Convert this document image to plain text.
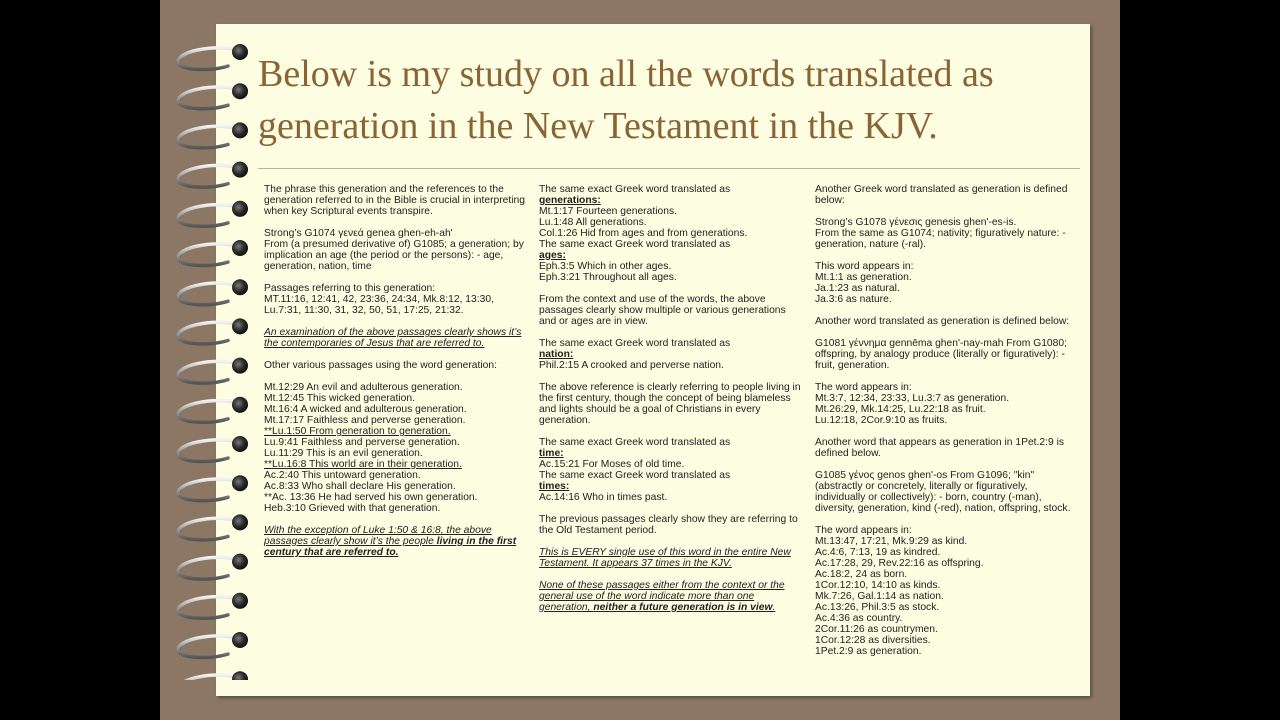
Below is my study on all the words translated as generation in the New Testament in the KJV.

The phrase this generation and the references to the generation referred to in the Bible is crucial in interpreting when key Scriptural events transpire.

Strong’s G1074 γενεά genea ghen-eh-ah'
From (a presumed derivative of) G1085; a generation; by implication an age (the period or the persons): - age, generation, nation, time

Passages referring to this generation:
MT.11:16, 12:41, 42, 23:36, 24:34, Mk.8:12, 13:30, Lu.7:31, 11:30, 31, 32, 50, 51, 17:25, 21:32.

An examination of the above passages clearly shows it’s the contemporaries of Jesus that are referred to.

Other various passages using the word generation:

Mt.12:29 An evil and adulterous generation.
Mt.12:45 This wicked generation.
Mt.16:4 A wicked and adulterous generation.
Mt.17:17 Faithless and perverse generation.
**Lu.1:50 From generation to generation.
Lu.9:41 Faithless and perverse generation.
Lu.11:29 This is an evil generation.
**Lu.16:8 This world are in their generation.
Ac.2:40 This untoward generation.
Ac.8:33 Who shall declare His generation.
**Ac. 13:36 He had served his own generation.
Heb.3:10 Grieved with that generation.

With the exception of Luke 1:50 & 16:8, the above passages clearly show it’s the people living in the first century that are referred to.

The same exact Greek word translated as
generations:

Mt.1:17 Fourteen generations.
Lu.1:48 All generations.
Col.1:26 Hid from ages and from generations.

The same exact Greek word translated as
ages:

Eph.3:5 Which in other ages.
Eph.3:21 Throughout all ages.

From the context and use of the words, the above passages clearly show multiple or various generations and or ages are in view.

The same exact Greek word translated as
nation:

Phil.2:15 A crooked and perverse nation.

The above reference is clearly referring to people living in the first century, though the concept of being blameless and lights should be a goal of Christians in every generation.

The same exact Greek word translated as
time:

Ac.15:21 For Moses of old time.

The same exact Greek word translated as
times:

Ac.14:16 Who in times past.

The previous passages clearly show they are referring to the Old Testament period.

This is EVERY single use of this word in the entire New Testament. It appears 37 times in the KJV.

None of these passages either from the context or the general use of the word indicate more than one generation, neither a future generation is in view.

Another Greek word translated as generation is defined below:

Strong’s G1078 γένεσις genesis ghen'-es-is.
From the same as G1074; nativity; figuratively nature: - generation, nature (-ral).

This word appears in:
Mt.1:1 as generation.
Ja.1:23 as natural.
Ja.3:6 as nature.

Another word translated as generation is defined below:

G1081 γέννημα gennēma ghen'-nay-mah From G1080; offspring, by analogy produce (literally or figuratively): - fruit, generation.

The word appears in:
Mt.3:7, 12:34, 23:33, Lu.3:7 as generation.
Mt.26:29, Mk.14:25, Lu.22:18 as fruit.
Lu.12:18, 2Cor.9:10 as fruits.

Another word that appears as generation in 1Pet.2:9 is defined below.

G1085 γένος genos ghen'-os From G1096; "kin" (abstractly or concretely, literally or figuratively, individually or collectively): - born, country (-man), diversity, generation, kind (-red), nation, offspring, stock.

The word appears in:
Mt.13:47, 17:21, Mk.9:29 as kind.
Ac.4:6, 7:13, 19 as kindred.
Ac.17:28, 29, Rev.22:16 as offspring.
Ac.18:2, 24 as born.
1Cor.12:10, 14:10 as kinds.
Mk.7:26, Gal.1:14 as nation.
Ac.13:26, Phil.3:5 as stock.
Ac.4:36 as country.
2Cor.11:26 as countrymen.
1Cor.12:28 as diversities.
1Pet.2:9 as generation.
